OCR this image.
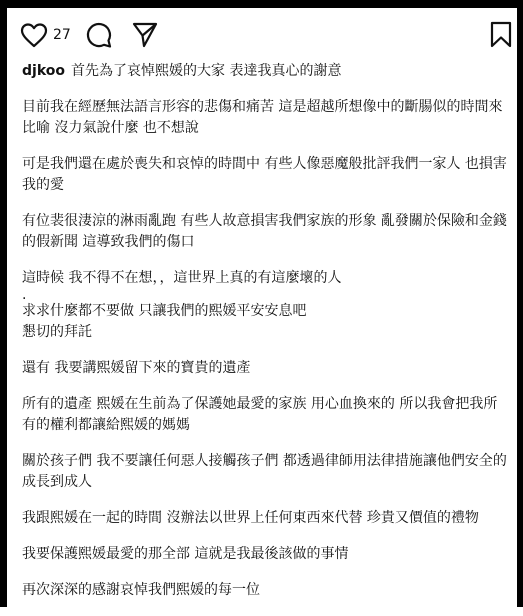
27

djkoo 首先為了哀悼熙媛的大家 表達我真心的謝意

目前我在經歷無法語言形容的悲傷和痛苦 這是超越所想像中的斷腸似的時間來比喻 沒力氣說什麼 也不想說

可是我們還在處於喪失和哀悼的時間中 有些人像惡魔般批評我們一家人 也損害我的愛

有位裴很淒涼的淋雨亂跑 有些人故意損害我們家族的形象 亂發關於保險和金錢的假新聞 這導致我們的傷口

這時候 我不得不在想，，這世界上真的有這麼壞的人

.

求求什麼都不要做 只讓我們的熙媛平安安息吧

懇切的拜託

還有 我要講熙媛留下來的寶貴的遺產

所有的遺產 熙媛在生前為了保護她最愛的家族 用心血換來的 所以我會把我所有的權利都讓給熙媛的媽媽

關於孩子們 我不要讓任何惡人接觸孩子們 都透過律師用法律措施讓他們安全的成長到成人

我跟熙媛在一起的時間 沒辦法以世界上任何東西來代替 珍貴又價值的禮物

我要保護熙媛最愛的那全部 這就是我最後該做的事情

再次深深的感謝哀悼我們熙媛的每一位
